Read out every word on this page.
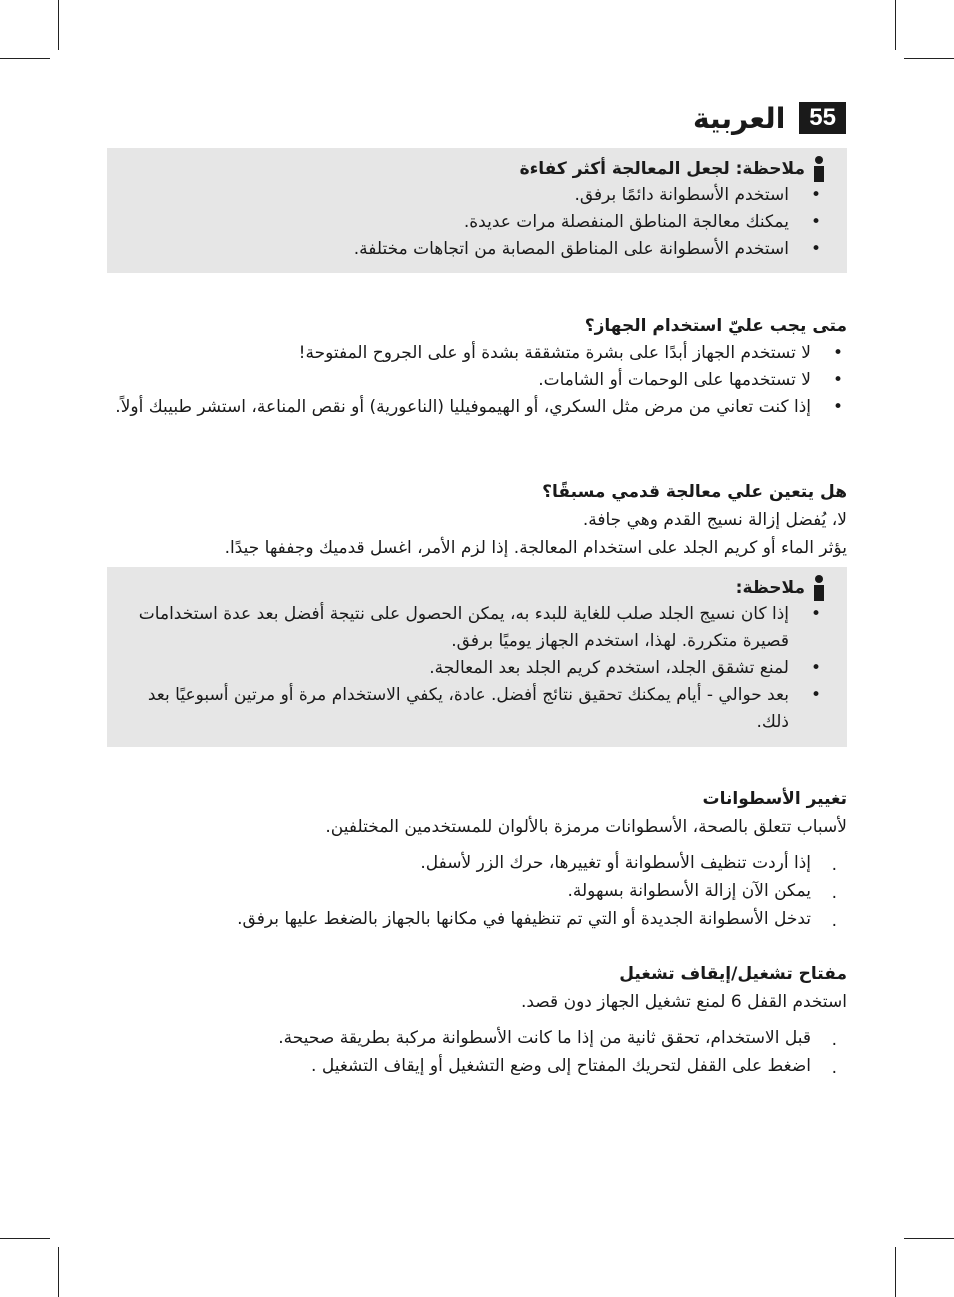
55
العربية
ملاحظة: لجعل المعالجة أكثر كفاءة
• استخدم الأسطوانة دائمًا برفق.
• يمكنك معالجة المناطق المنفصلة مرات عديدة.
• استخدم الأسطوانة على المناطق المصابة من اتجاهات مختلفة.

متى يجب عليّ استخدام الجهاز؟

• لا تستخدم الجهاز أبدًا على بشرة متشققة بشدة أو على الجروح المفتوحة!
• لا تستخدمها على الوحمات أو الشامات.
• إذا كنت تعاني من مرض مثل السكري، أو الهيموفيليا (الناعورية) أو نقص المناعة، استشر طبيبك أولاً.

هل يتعين علي معالجة قدمي مسبقًا؟

لا، يُفضل إزالة نسيج القدم وهي جافة.

يؤثر الماء أو كريم الجلد على استخدام المعالجة. إذا لزم الأمر، اغسل قدميك وجففها جيدًا.

ملاحظة:
• إذا كان نسيج الجلد صلب للغاية للبدء به، يمكن الحصول على نتيجة أفضل بعد عدة استخدامات قصيرة متكررة. لهذا، استخدم الجهاز يوميًا برفق.
• لمنع تشقق الجلد، استخدم كريم الجلد بعد المعالجة.
• بعد حوالي - أيام يمكنك تحقيق نتائج أفضل. عادة، يكفي الاستخدام مرة أو مرتين أسبوعيًا بعد ذلك.

تغيير الأسطوانات

لأسباب تتعلق بالصحة، الأسطوانات مرمزة بالألوان للمستخدمين المختلفين.

. إذا أردت تنظيف الأسطوانة أو تغييرها، حرك الزر لأسفل.
. يمكن الآن إزالة الأسطوانة بسهولة.
. تدخل الأسطوانة الجديدة أو التي تم تنظيفها في مكانها بالجهاز بالضغط عليها برفق.

مفتاح تشغيل/إيقاف تشغيل

استخدم القفل 6 لمنع تشغيل الجهاز دون قصد.

. قبل الاستخدام، تحقق ثانية من إذا ما كانت الأسطوانة مركبة بطريقة صحيحة.
. اضغط على القفل لتحريك المفتاح إلى وضع التشغيل أو إيقاف التشغيل .
